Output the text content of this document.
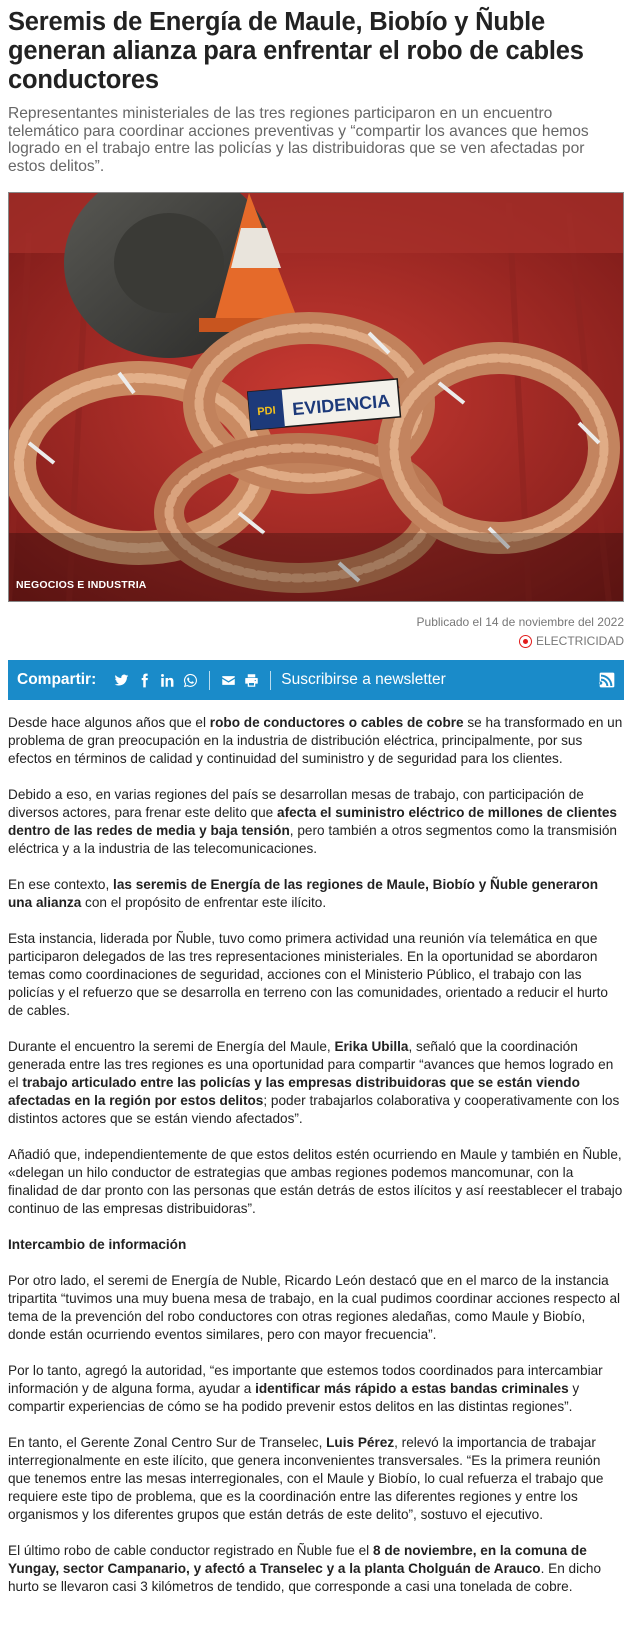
Seremis de Energía de Maule, Biobío y Ñuble generan alianza para enfrentar el robo de cables conductores

Representantes ministeriales de las tres regiones participaron en un encuentro telemático para coordinar acciones preventivas y “compartir los avances que hemos logrado en el trabajo entre las policías y las distribuidoras que se ven afectadas por estos delitos”.

PDI EVIDENCIA
NEGOCIOS E INDUSTRIA
Publicado el 14 de noviembre del 2022
ELECTRICIDAD
Compartir:	Suscribirse a newsletter

Desde hace algunos años que el robo de conductores o cables de cobre se ha transformado en un problema de gran preocupación en la industria de distribución eléctrica, principalmente, por sus efectos en términos de calidad y continuidad del suministro y de seguridad para los clientes.

Debido a eso, en varias regiones del país se desarrollan mesas de trabajo, con participación de diversos actores, para frenar este delito que afecta el suministro eléctrico de millones de clientes dentro de las redes de media y baja tensión, pero también a otros segmentos como la transmisión eléctrica y a la industria de las telecomunicaciones.

En ese contexto, las seremis de Energía de las regiones de Maule, Biobío y Ñuble generaron una alianza con el propósito de enfrentar este ilícito.

Esta instancia, liderada por Ñuble, tuvo como primera actividad una reunión vía telemática en que participaron delegados de las tres representaciones ministeriales. En la oportunidad se abordaron temas como coordinaciones de seguridad, acciones con el Ministerio Público, el trabajo con las policías y el refuerzo que se desarrolla en terreno con las comunidades, orientado a reducir el hurto de cables.

Durante el encuentro la seremi de Energía del Maule, Erika Ubilla, señaló que la coordinación generada entre las tres regiones es una oportunidad para compartir “avances que hemos logrado en el trabajo articulado entre las policías y las empresas distribuidoras que se están viendo afectadas en la región por estos delitos; poder trabajarlos colaborativa y cooperativamente con los distintos actores que se están viendo afectados”.

Añadió que, independientemente de que estos delitos estén ocurriendo en Maule y también en Ñuble, «delegan un hilo conductor de estrategias que ambas regiones podemos mancomunar, con la finalidad de dar pronto con las personas que están detrás de estos ilícitos y así reestablecer el trabajo continuo de las empresas distribuidoras”.

Intercambio de información

Por otro lado, el seremi de Energía de Nuble, Ricardo León destacó que en el marco de la instancia tripartita “tuvimos una muy buena mesa de trabajo, en la cual pudimos coordinar acciones respecto al tema de la prevención del robo conductores con otras regiones aledañas, como Maule y Biobío, donde están ocurriendo eventos similares, pero con mayor frecuencia”.

Por lo tanto, agregó la autoridad, “es importante que estemos todos coordinados para intercambiar información y de alguna forma, ayudar a identificar más rápido a estas bandas criminales y compartir experiencias de cómo se ha podido prevenir estos delitos en las distintas regiones”.

En tanto, el Gerente Zonal Centro Sur de Transelec, Luis Pérez, relevó la importancia de trabajar interregionalmente en este ilícito, que genera inconvenientes transversales. “Es la primera reunión que tenemos entre las mesas interregionales, con el Maule y Biobío, lo cual refuerza el trabajo que requiere este tipo de problema, que es la coordinación entre las diferentes regiones y entre los organismos y los diferentes grupos que están detrás de este delito”, sostuvo el ejecutivo.

El último robo de cable conductor registrado en Ñuble fue el 8 de noviembre, en la comuna de Yungay, sector Campanario, y afectó a Transelec y a la planta Cholguán de Arauco. En dicho hurto se llevaron casi 3 kilómetros de tendido, que corresponde a casi una tonelada de cobre.
